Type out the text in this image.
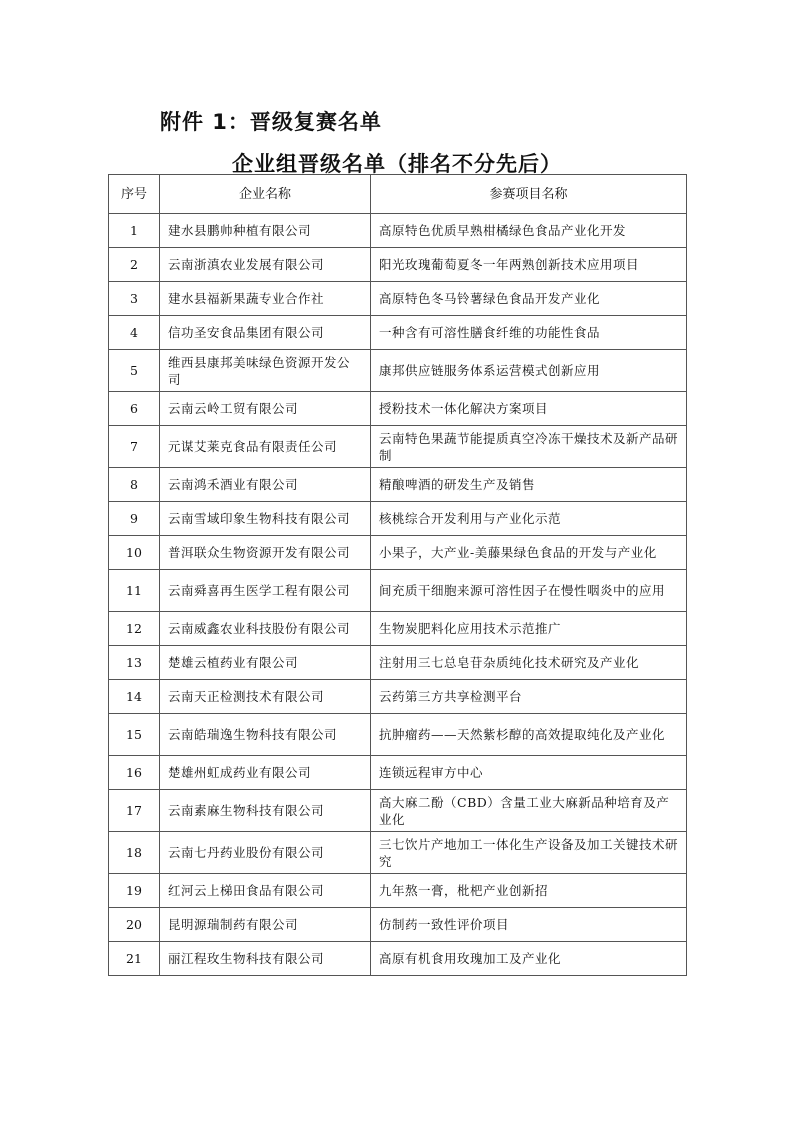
附件 1：晋级复赛名单
企业组晋级名单（排名不分先后）
序号	企业名称	参赛项目名称
1	建水县鹏帅种植有限公司	高原特色优质早熟柑橘绿色食品产业化开发
2	云南浙滇农业发展有限公司	阳光玫瑰葡萄夏冬一年两熟创新技术应用项目
3	建水县福新果蔬专业合作社	高原特色冬马铃薯绿色食品开发产业化
4	信功圣安食品集团有限公司	一种含有可溶性膳食纤维的功能性食品
5	维西县康邦美味绿色资源开发公司	康邦供应链服务体系运营模式创新应用
6	云南云岭工贸有限公司	授粉技术一体化解决方案项目
7	元谋艾莱克食品有限责任公司	云南特色果蔬节能提质真空冷冻干燥技术及新产品研制
8	云南鸿禾酒业有限公司	精酿啤酒的研发生产及销售
9	云南雪域印象生物科技有限公司	核桃综合开发利用与产业化示范
10	普洱联众生物资源开发有限公司	小果子，大产业-美藤果绿色食品的开发与产业化
11	云南舜喜再生医学工程有限公司	间充质干细胞来源可溶性因子在慢性咽炎中的应用
12	云南威鑫农业科技股份有限公司	生物炭肥料化应用技术示范推广
13	楚雄云植药业有限公司	注射用三七总皂苷杂质纯化技术研究及产业化
14	云南天正检测技术有限公司	云药第三方共享检测平台
15	云南皓瑞逸生物科技有限公司	抗肿瘤药——天然紫杉醇的高效提取纯化及产业化
16	楚雄州虹成药业有限公司	连锁远程审方中心
17	云南素麻生物科技有限公司	高大麻二酚（CBD）含量工业大麻新品种培育及产业化
18	云南七丹药业股份有限公司	三七饮片产地加工一体化生产设备及加工关键技术研究
19	红河云上梯田食品有限公司	九年熬一膏，枇杷产业创新招
20	昆明源瑞制药有限公司	仿制药一致性评价项目
21	丽江程玫生物科技有限公司	高原有机食用玫瑰加工及产业化
